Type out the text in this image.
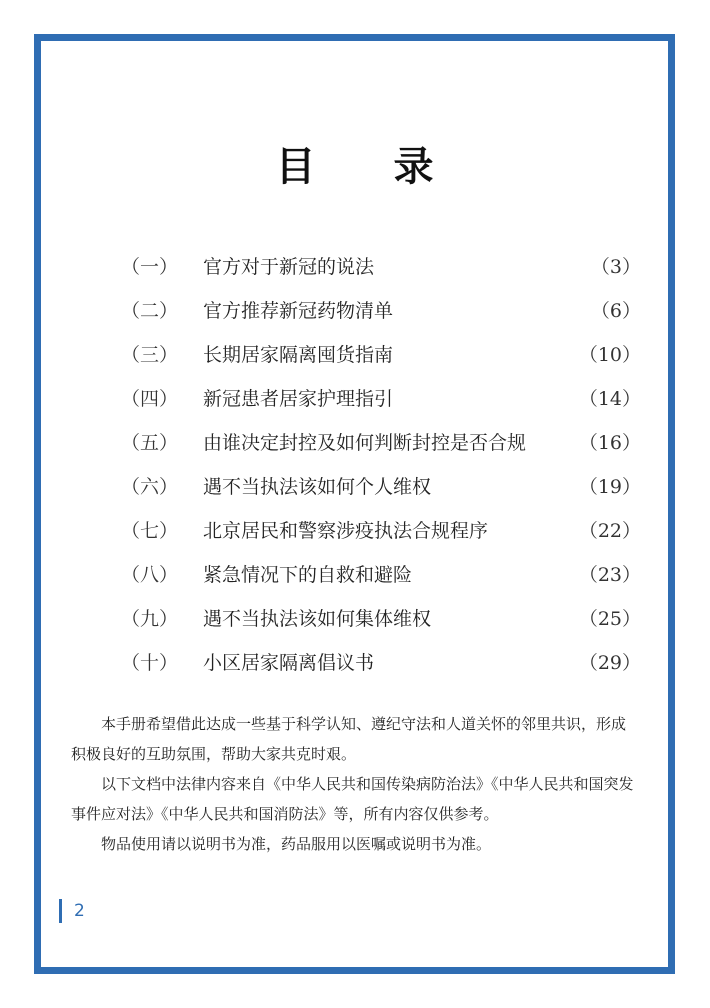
目 录
（一） 官方对于新冠的说法	（3）
（二） 官方推荐新冠药物清单	（6）
（三） 长期居家隔离囤货指南	（10）
（四） 新冠患者居家护理指引	（14）
（五） 由谁决定封控及如何判断封控是否合规	（16）
（六） 遇不当执法该如何个人维权	（19）
（七） 北京居民和警察涉疫执法合规程序	（22）
（八） 紧急情况下的自救和避险	（23）
（九） 遇不当执法该如何集体维权	（25）
（十） 小区居家隔离倡议书	（29）

本手册希望借此达成一些基于科学认知、遵纪守法和人道关怀的邻里共识，形成积极良好的互助氛围，帮助大家共克时艰。

以下文档中法律内容来自《中华人民共和国传染病防治法》《中华人民共和国突发事件应对法》《中华人民共和国消防法》等，所有内容仅供参考。

物品使用请以说明书为准，药品服用以医嘱或说明书为准。

2
